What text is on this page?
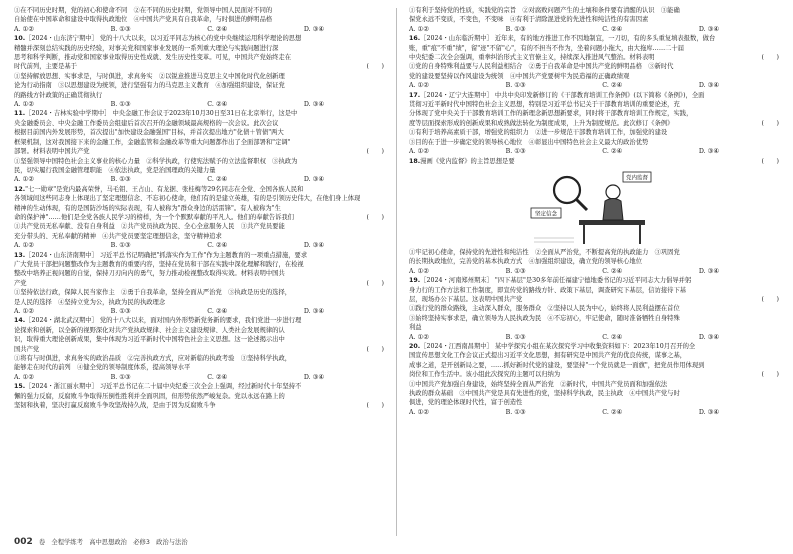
①在不同历史时期，党的初心和使命不同　②在不同的历史时期，党领导中国人民面对不同的

自始使在中国革命和建设中取得执政地位　④中国共产党具有自我革命，与时俱进的鲜明品格

A. ①②	B. ①③	C. ②④	D. ③④

10.［2024・山东济宁期中］ 党的十八大以来，以习近平同志为核心的党中央继续运用科学理论的思想

精髓并深刻总结实践的历史经验，对事关党和国家事业发展的一系列重大理论与实践问题进行深

思考和科学判断，推动党和国家事业取得历史性成就、发生历史性变革。可见，中国共产党始终走在

时代前列，主要是基于	(　　)

①坚持解放思想、实事求是，与时俱进，求真务实　②以锐意推进马克思主义中国化时代化创新理

论为行动指南　③以思想建设为统领，进行坚强有力的马克思主义教育　④加强组织建设，保证党

的路线方针政策的正确贯彻执行

A. ①②	B. ①③	C. ②④	D. ③④

11.［2024・吉林实验中学期中］ 中央金融工作会议于2023年10月30日至31日在北京举行，这是中

央金融委员会、中央金融工作委员会组建后首次召开的金融领域最高规格的一次会议。此次会议

根据目前国内外发展形势，首次提出"加快建设金融强国"目标，并首次提出地方"化债＋管债"两大

框架机制，这对我国接下来的金融工作，金融监管和金融改革等重大问题都作出了全面部署和"定调"

部署。材料表明中国共产党	(　　)

①坚强领导中国特色社会主义事业的核心力量　②科学执政，行使宪法赋予的立法监督职权　③执政为

民，切实履行我国金融管理职能　④依法执政，党是治国理政的关键力量

A. ①②	B. ①③	C. ②④	D. ③④

12."七一勋章"是党内最高荣誉，马毛钼、王占山、有龙据、张桂梅等29名同志在全党、全国各族人民和

各领域间这些同志身上体现出了坚定理想信念、不忘初心使命，他们有的是建立英雄，有的是引领历史伟大，在他们身上体现

精神的生动体现，有的是国防沙场的实际表现，有人被称为"群众身边的活雷锋"。有人被称为"生

命的保护神"……他们是全党各族人民学习的榜样，为一个个默默奉献的平凡人。他们的奉献告诉我们	(　　)

①共产党员无私奉献、没有自身利益　②共产党员执政为民、全心全意服务人民　③共产党员要能

充分带头的、无私奉献的精神　④共产党员要坚定理想信念，坚守精神追求

A. ①②	B. ①③	C. ②④	D. ③④

13.［2024・山东济南期中］ 习近平总书记明确把"抓落实作为工作"作为主题教育的一项重点措施，要求

广大党员干部把问题整改作为主题教育的重要内容，坚持在党员和干部在实践中深化理解和践行，在检视

整改中培养正视问题的自觉，保持刀刃向内的勇气，努力推动检视整改取得实效。材料表明中国共

产党	(　　)

①坚持依法行政，保障人民当家作主　②勇于自我革命，坚持全面从严治党　③执政是历史的选择，

是人民的选择　④坚持立党为公，执政为民的执政理念

A. ①②	B. ①③	C. ②④	D. ③④

14.［2024・湖北武汉期中］ 党的十八大以来，面对国内外形势新党务新的要求，我们党进一步进行理

论探索和创新，以全新的视野深化对共产党执政规律、社会主义建设规律、人类社会发展规律的认

识，取得重大理论创新成果，集中体现为习近平新时代中国特色社会主义思想。这一论述揭示出中

国共产党	(　　)

①将有与时俱进，求真务实的政治品质　②完善执政方式，应对新临的执政考验　③坚持科学执政，

能够走在时代的前列　④健全党的领导制度体系，提高领导水平

A. ①②	B. ①③	C. ②④	D. ③④

15.［2024・浙江丽水期中］ 习近平总书记在二十届中央纪委三次全会上强调，经过新时代十年坚持不

懈的强力反腐，反腐败斗争取得压倒性胜利并全面巩固，但形势依然严峻复杂。党以永远在路上的

坚韧和执着，坚决打赢反腐败斗争攻坚战持久战，是由于因为反腐败斗争	(　　)

①有利于坚持党的性质，实践党的宗旨　②对腐败问题产生的土壤和条件要有清醒的认识　③能确

保党永远不变质，不变色，不变味　④有利于清除混进党的先进性和纯洁性的有害因素

A. ①②	B. ①③	C. ②④	D. ③④

16.［2024・山东临沂期中］ 近年来，有的地方推进工作不因地制宜，一刀切，有的多头重复填表报数，做台

账，重"痕"不重"绩"，留"迹"不留"心"，有的不担当不作为，坐着问题小拖大，由大拖库……二十届

中央纪委二次全会强调，重拳纠治形式主义官僚主义，持续深入推进风气整治。材料表明	(　　)

①党的自身特殊利益要与人民利益相结合　②勇于自我革命是中国共产党的鲜明品格　③新时代

党的建设要坚持以作风建设为统领　④中国共产党要树牢为民造福的正确政绩观

A. ①②	B. ①③	C. ②④	D. ③④

17.［2024・辽宁大连期中］ 中共中央印发新修订的《干部教育培训工作条例》(以下简称《条例》)，全面

贯彻习近平新时代中国特色社会主义思想，特别是习近平总书记关于干部教育培训的重要论述，充

分体现了党中央关于干部教育培训工作的新理念新思想新要求，同时将干部教育培训工作规定，实践，

度等层面探索形成的创新成果和成熟做法转化为制度成果，上升为制度规范。此次修订《条例》	(　　)

①有利于培养高素质干部，增强党的组织力　②进一步规范干部教育培训工作，加强党的建设

③目的在于进一步确定党的领导核心地位　④彰显出中国特色社会主义最大的政治优势

A. ①②	B. ①③	C. ②④	D. ③④

18.漫画《党内监督》的主旨思想是要	(　　)

坚定信念
党内监督

①牢记初心使命，保持党的先进性和纯洁性　②全面从严治党，不断提高党的执政能力　③巩固党

的长期执政地位，完善党的基本执政方式　④加强组织建设，确立党的领导核心地位

A. ①②	B. ①③	C. ②④	D. ③④

19.［2024・河南郑州期末］ "四下基层"是30多年前任福建宁德地委书记的习近平同志大力倡导并躬

身力行的工作方法和工作制度，即宣传党的路线方针、政策下基层，调查研究下基层，信访接待下基

层，现场办公下基层。这表明中国共产党	(　　)

①践行党的群众路线，主动深入群众，服务群众　②坚持以人民为中心，始终将人民利益摆在首位

③始终坚持实事求是，确立领导为人民执政为民　④不忘初心，牢记使命，随时准备牺牲自身特殊

利益

A. ①②	B. ①③	C. ②④	D. ③④

20.［2024・江西南昌期中］ 某中学探究小组在某次探究学习中收集资料如下：2023年10月召开的全

国宣传思想文化工作会议正式提出习近平文化思想，拥有研究是中国共产党的优良传统，谋事之基，

成事之道，是开创新局之要，……抓好新时代党的建设，要坚持"一个党员就是一面旗"，把党员作用体现到

岗位和工作生活中。该小组此次探究的主题可以归纳为	(　　)

①中国共产党加强自身建设，始终坚持全面从严治党　②新时代，中国共产党员面和加强依法

执政的群众基础　③中国共产党是具有先进性的党，坚持科学执政，民主执政　④中国共产党与时

俱进，党的理论体现时代性，富于创造性

A. ①②	B. ①③	C. ②④	D. ③④
002 卷　全程学练考　高中思想政治　必修3　政治与法治
